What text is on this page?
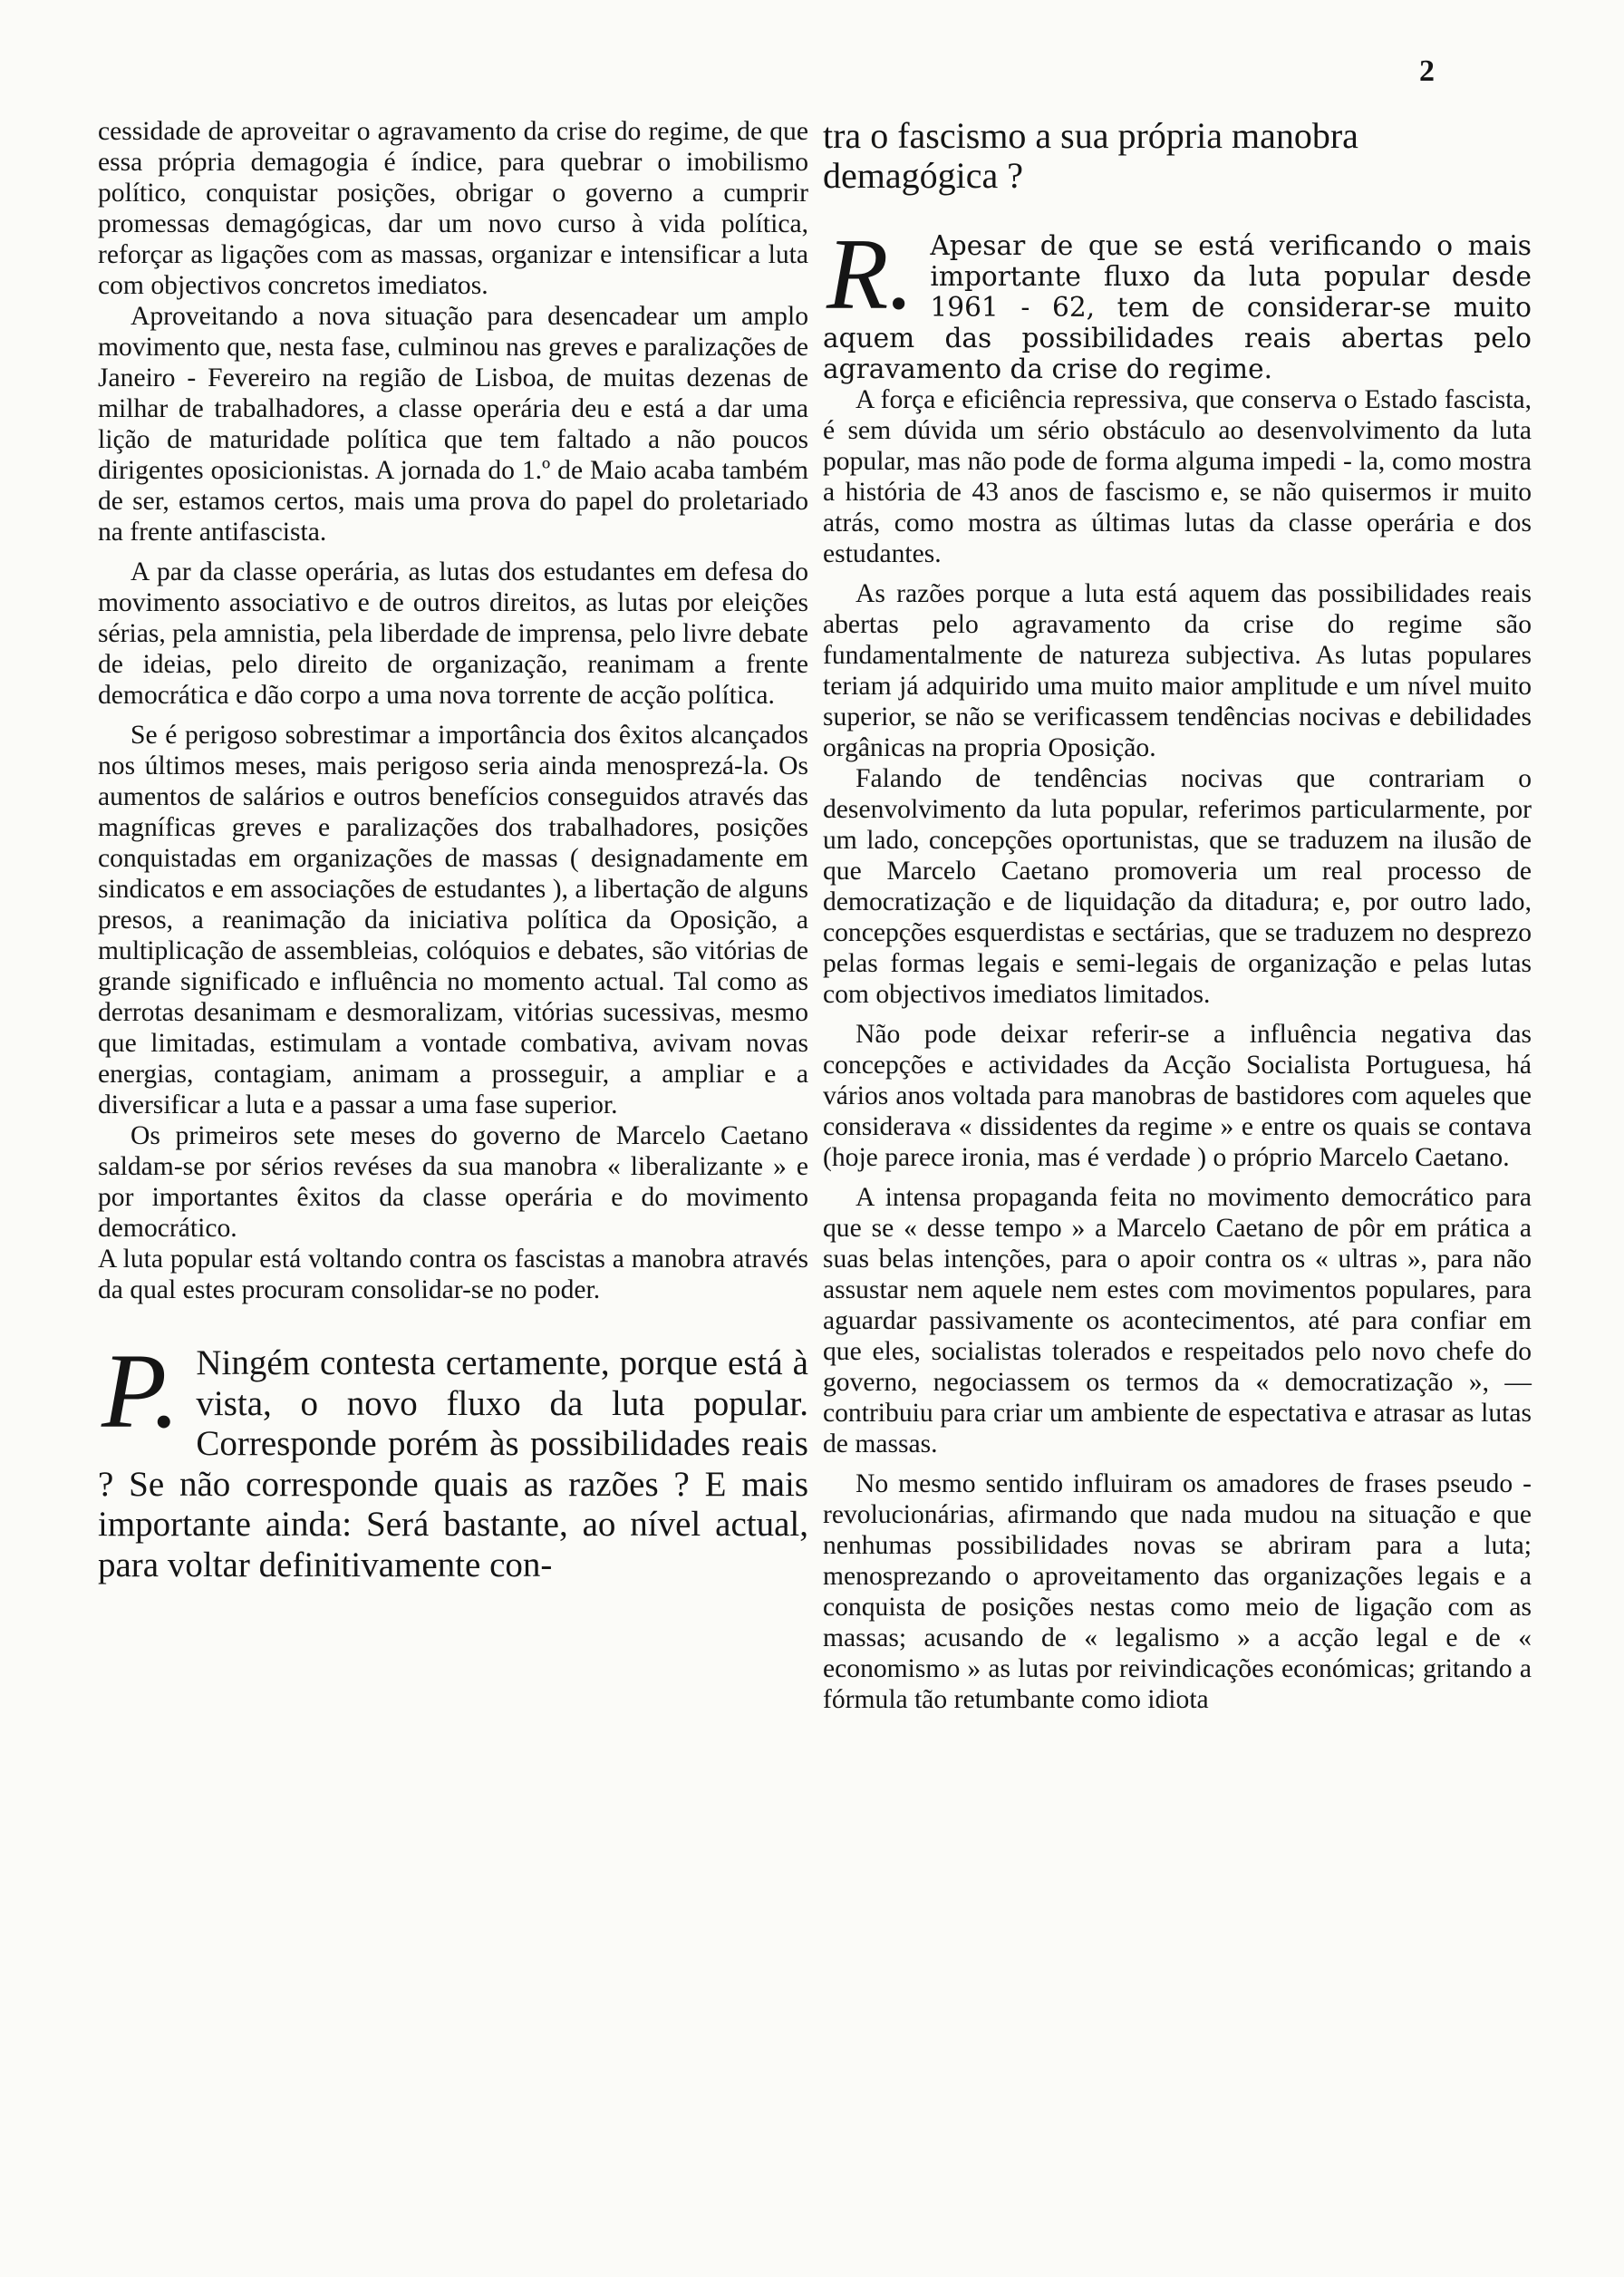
2

cessidade de aproveitar o agravamento da crise do regime, de que essa própria demagogia é índice, para quebrar o imobilismo político, conquistar posições, obrigar o governo a cumprir promessas demagógicas, dar um novo curso à vida política, reforçar as ligações com as massas, organizar e intensificar a luta com objectivos concretos imediatos.

Aproveitando a nova situação para desencadear um amplo movimento que, nesta fase, culminou nas greves e paralizações de Janeiro - Fevereiro na região de Lisboa, de muitas dezenas de milhar de trabalhadores, a classe operária deu e está a dar uma lição de maturidade política que tem faltado a não poucos dirigentes oposicionistas. A jornada do 1.º de Maio acaba também de ser, estamos certos, mais uma prova do papel do proletariado na frente antifascista.

A par da classe operária, as lutas dos estudantes em defesa do movimento associativo e de outros direitos, as lutas por eleições sérias, pela amnistia, pela liberdade de imprensa, pelo livre debate de ideias, pelo direito de organização, reanimam a frente democrática e dão corpo a uma nova torrente de acção política.

Se é perigoso sobrestimar a importância dos êxitos alcançados nos últimos meses, mais perigoso seria ainda menosprezá-la. Os aumentos de salários e outros benefícios conseguidos através das magníficas greves e paralizações dos trabalhadores, posições conquistadas em organizações de massas ( designadamente em sindicatos e em associações de estudantes ), a libertação de alguns presos, a reanimação da iniciativa política da Oposição, a multiplicação de assembleias, colóquios e debates, são vitórias de grande significado e influência no momento actual. Tal como as derrotas desanimam e desmoralizam, vitórias sucessivas, mesmo que limitadas, estimulam a vontade combativa, avivam novas energias, contagiam, animam a prosseguir, a ampliar e a diversificar a luta e a passar a uma fase superior.

Os primeiros sete meses do governo de Marcelo Caetano saldam-se por sérios revéses da sua manobra « liberalizante » e por importantes êxitos da classe operária e do movimento democrático.

A luta popular está voltando contra os fascistas a manobra através da qual estes procuram consolidar-se no poder.

P. Ningém contesta certamente, porque está à vista, o novo fluxo da luta popular. Corresponde porém às possibilidades reais ? Se não corresponde quais as razões ? E mais importante ainda: Será bastante, ao nível actual, para voltar definitivamente con-

tra o fascismo a sua própria manobra demagógica ?

R. Apesar de que se está verificando o mais importante fluxo da luta popular desde 1961 - 62, tem de considerar-se muito aquem das possibilidades reais abertas pelo agravamento da crise do regime.

A força e eficiência repressiva, que conserva o Estado fascista, é sem dúvida um sério obstáculo ao desenvolvimento da luta popular, mas não pode de forma alguma impedi - la, como mostra a história de 43 anos de fascismo e, se não quisermos ir muito atrás, como mostra as últimas lutas da classe operária e dos estudantes.

As razões porque a luta está aquem das possibilidades reais abertas pelo agravamento da crise do regime são fundamentalmente de natureza subjectiva. As lutas populares teriam já adquirido uma muito maior amplitude e um nível muito superior, se não se verificassem tendências nocivas e debilidades orgânicas na propria Oposição.

Falando de tendências nocivas que contrariam o desenvolvimento da luta popular, referimos particularmente, por um lado, concepções oportunistas, que se traduzem na ilusão de que Marcelo Caetano promoveria um real processo de democratização e de liquidação da ditadura; e, por outro lado, concepções esquerdistas e sectárias, que se traduzem no desprezo pelas formas legais e semi-legais de organização e pelas lutas com objectivos imediatos limitados.

Não pode deixar referir-se a influência negativa das concepções e actividades da Acção Socialista Portuguesa, há vários anos voltada para manobras de bastidores com aqueles que considerava « dissidentes da regime » e entre os quais se contava (hoje parece ironia, mas é verdade ) o próprio Marcelo Caetano.

A intensa propaganda feita no movimento democrático para que se « desse tempo » a Marcelo Caetano de pôr em prática a suas belas intenções, para o apoir contra os « ultras », para não assustar nem aquele nem estes com movimentos populares, para aguardar passivamente os acontecimentos, até para confiar em que eles, socialistas tolerados e respeitados pelo novo chefe do governo, negociassem os termos da « democratização », — contribuiu para criar um ambiente de espectativa e atrasar as lutas de massas.

No mesmo sentido influiram os amadores de frases pseudo - revolucionárias, afirmando que nada mudou na situação e que nenhumas possibilidades novas se abriram para a luta; menosprezando o aproveitamento das organizações legais e a conquista de posições nestas como meio de ligação com as massas; acusando de « legalismo » a acção legal e de « economismo » as lutas por reivindicações económicas; gritando a fórmula tão retumbante como idiota
